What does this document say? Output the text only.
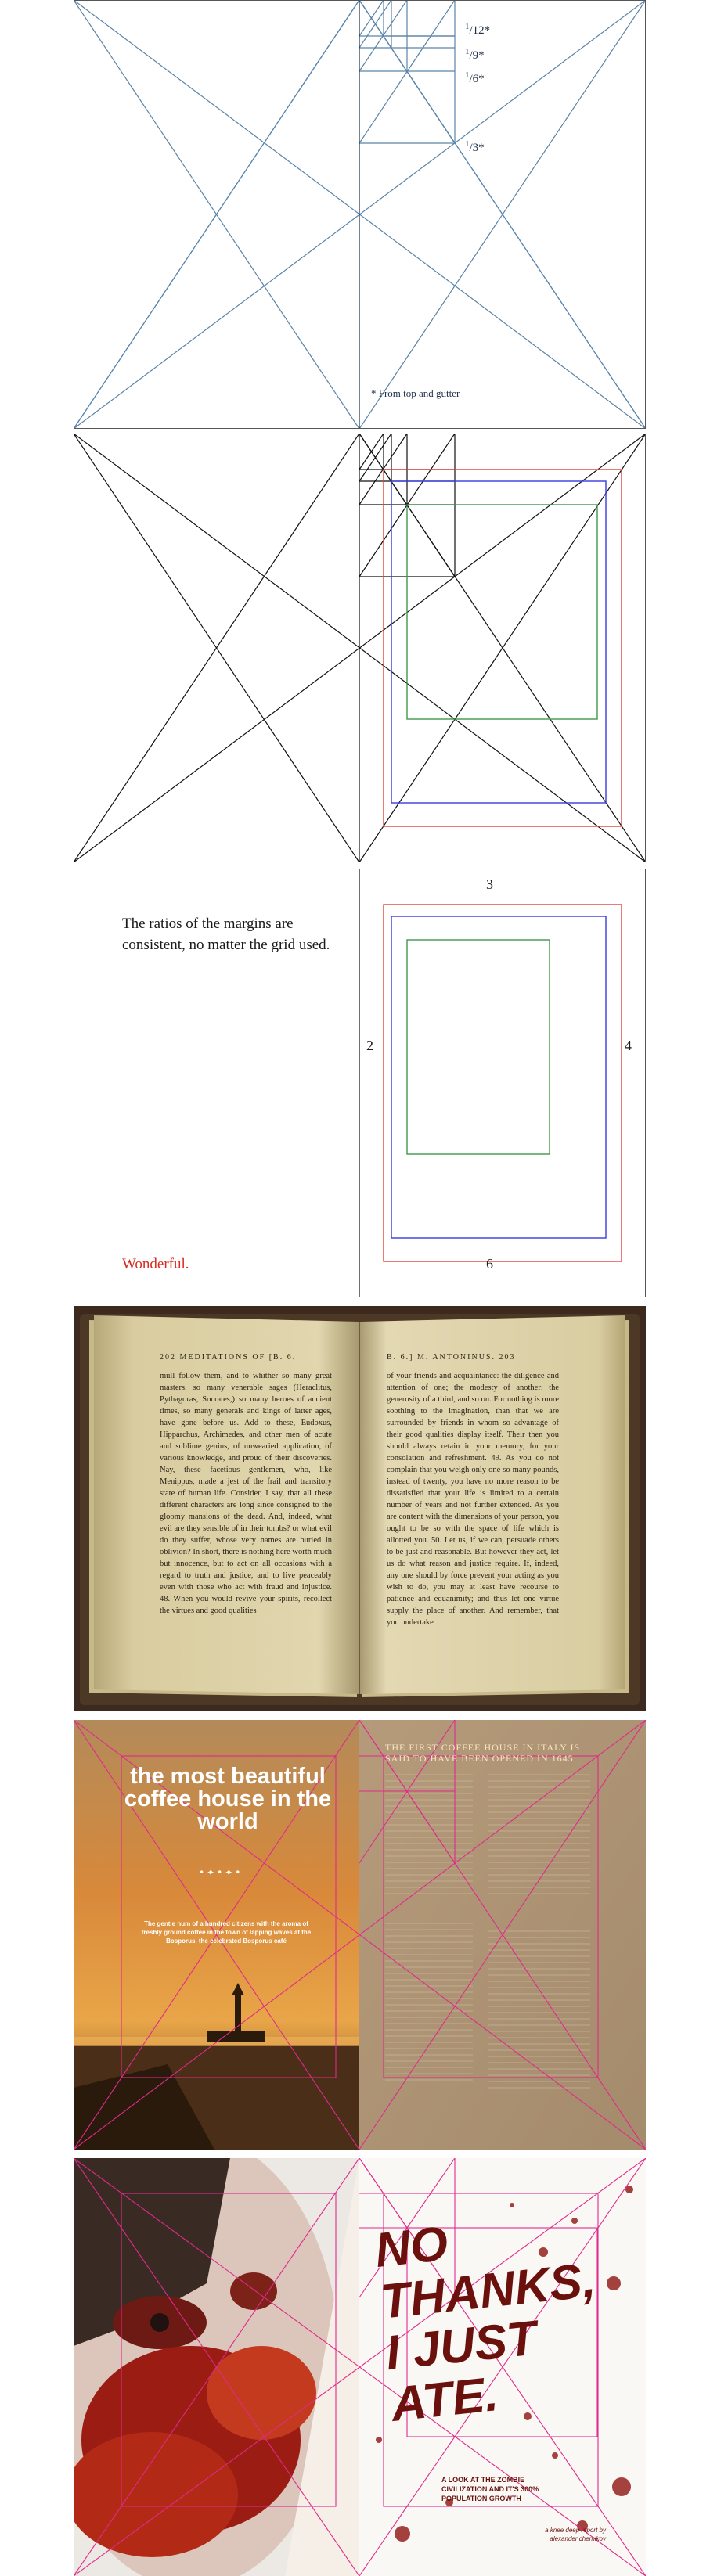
$^1$/12*
$^1$/9*
$^1$/6*
$^1$/3*
* From top and gutter
The ratios of the margins are consistent, no matter the grid used.
Wonderful.
3
2	4
6
202 MEDITATIONS OF [B. 6.	B. 6.] M. ANTONINUS. 203
mull follow them, and to whither so many great masters, so many venerable sages (Heraclitus, Pythagoras, Socrates,) so many heroes of ancient times, so many generals and kings of latter ages, have gone before us. Add to these, Eudoxus, Hipparchus, Archimedes, and other men of acute and sublime genius, of unwearied application, of various knowledge, and proud of their discoveries. Nay, these facetious gentlemen, who, like Menippus, made a jest of the frail and transitory state of human life. Consider, I say, that all these different characters are long since consigned to the gloomy mansions of the dead. And, indeed, what evil are they sensible of in their tombs? or what evil do they suffer, whose very names are buried in oblivion? In short, there is nothing here worth much but innocence, but to act on all occasions with a regard to truth and justice, and to live peaceably even with those who act with fraud and injustice. 48. When you would revive your spirits, recollect the virtues and good qualities
of your friends and acquaintance: the diligence and attention of one; the modesty of another; the generosity of a third, and so on. For nothing is more soothing to the imagination, than that we are surrounded by friends in whom so advantage of their good qualities display itself. Their then you should always retain in your memory, for your consolation and refreshment. 49. As you do not complain that you weigh only one so many pounds, instead of twenty, you have no more reason to be dissatisfied that your life is limited to a certain number of years and not further extended. As you are content with the dimensions of your person, you ought to be so with the space of life which is allotted you. 50. Let us, if we can, persuade others to be just and reasonable. But however they act, let us do what reason and justice require. If, indeed, any one should by force prevent your acting as you wish to do, you may at least have recourse to patience and equanimity; and thus let one virtue supply the place of another. And remember, that you undertake
the most beautiful coffee house in the world
•✦•✦•
The gentle hum of a hundred citizens with the aroma of freshly ground coffee in the town of lapping waves at the Bosporus, the celebrated Bosporus café
THE FIRST COFFEE HOUSE IN ITALY IS SAID TO HAVE BEEN OPENED IN 1645
NO THANKS, I JUST ATE.
A LOOK AT THE ZOMBIE CIVILIZATION AND IT'S 300% POPULATION GROWTH
a knee deep report by alexander chernikov
